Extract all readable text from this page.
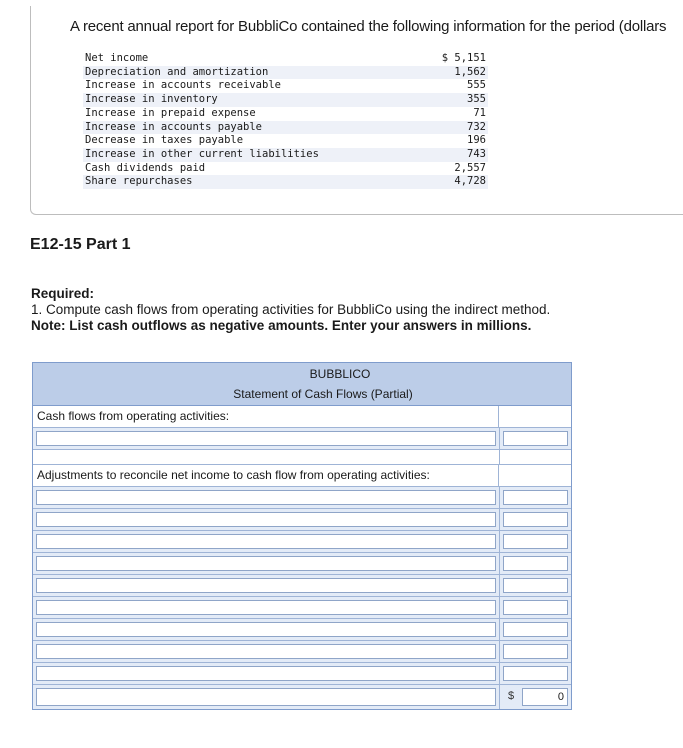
A recent annual report for BubbliCo contained the following information for the period (dollars
Net income	$ 5,151
Depreciation and amortization	1,562
Increase in accounts receivable	555
Increase in inventory	355
Increase in prepaid expense	71
Increase in accounts payable	732
Decrease in taxes payable	196
Increase in other current liabilities	743
Cash dividends paid	2,557
Share repurchases	4,728
E12-15 Part 1
Required:
1. Compute cash flows from operating activities for BubbliCo using the indirect method.
Note: List cash outflows as negative amounts. Enter your answers in millions.
BUBBLICO
Statement of Cash Flows (Partial)
Cash flows from operating activities:
Adjustments to reconcile net income to cash flow from operating activities:
$	0
